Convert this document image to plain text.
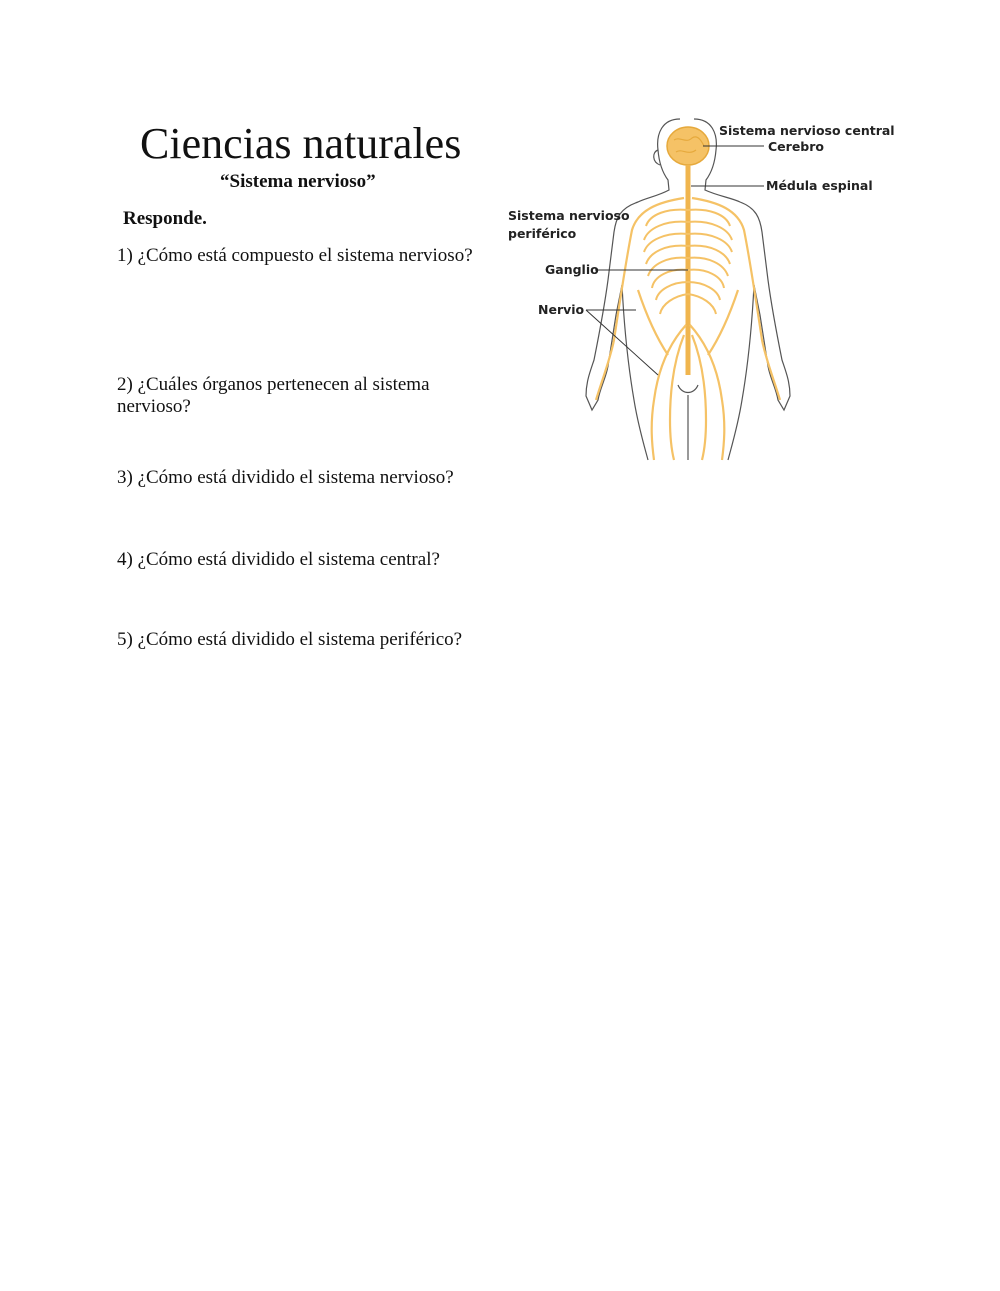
Ciencias naturales
“Sistema nervioso”
Responde.
1) ¿Cómo está compuesto el sistema nervioso?
2) ¿Cuáles órganos pertenecen al sistema nervioso?
3) ¿Cómo está dividido el sistema nervioso?
4) ¿Cómo está dividido el sistema central?
5) ¿Cómo está dividido el sistema periférico?
Sistema nervioso central
Cerebro
Médula espinal
Sistema nervioso
periférico
Ganglio
Nervio
